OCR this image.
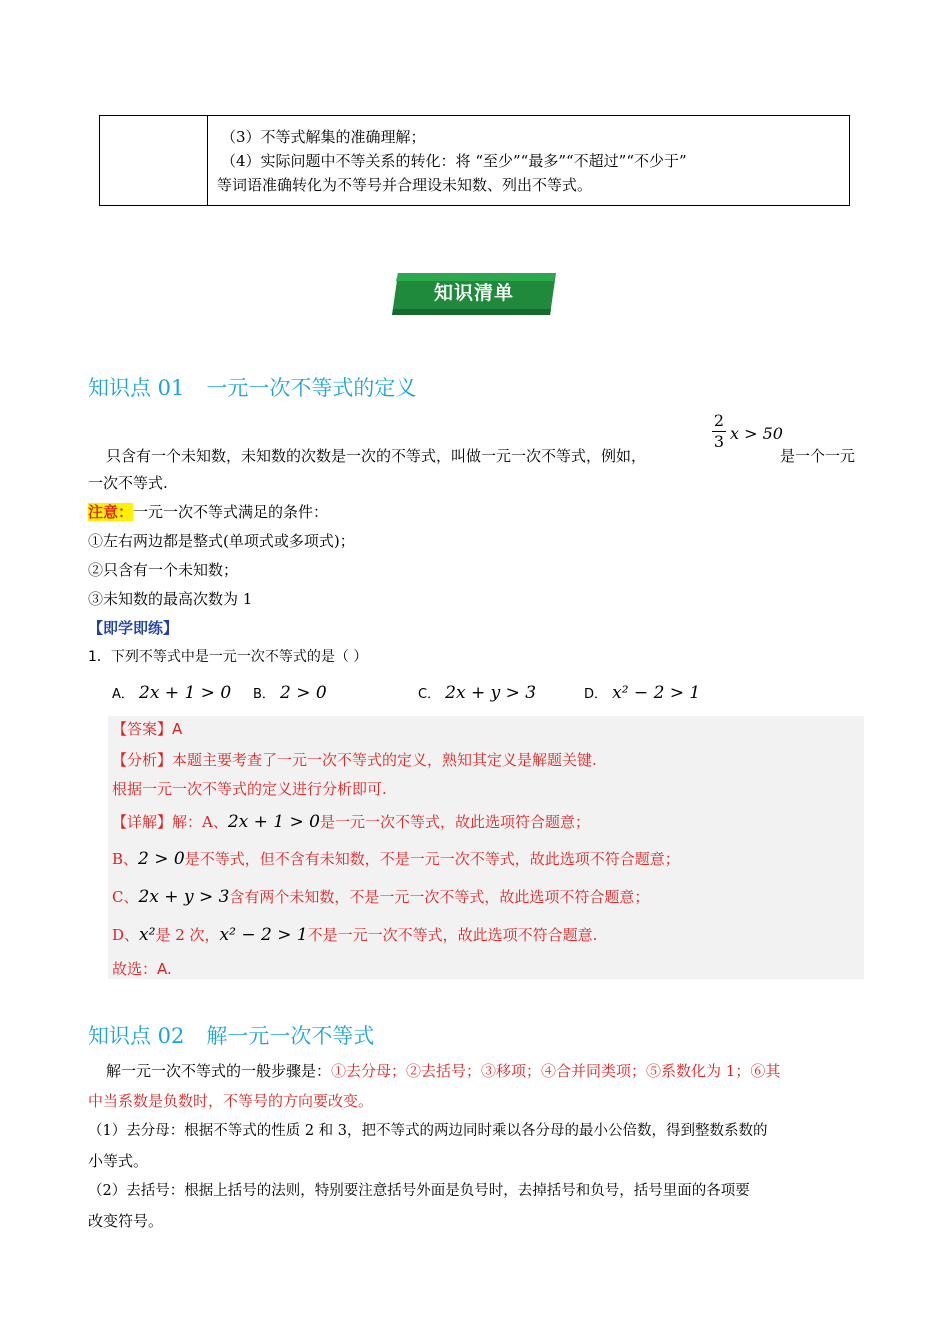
（3）不等式解集的准确理解；
（4）实际问题中不等关系的转化：将 “至少”“最多”“不超过”“不少于”
等词语准确转化为不等号并合理设未知数、列出不等式。
知识清单
知识点 01 一元一次不等式的定义
只含有一个未知数，未知数的次数是一次的不等式，叫做一元一次不等式，例如，
2
3 x > 50
是一个一元
一次不等式.
注意：一元一次不等式满足的条件：
①左右两边都是整式(单项式或多项式)；
②只含有一个未知数；
③未知数的最高次数为 1
【即学即练】
1．下列不等式中是一元一次不等式的是（ ）
A． 2x + 1 > 0 B． 2 > 0	C． 2x + y > 3	D． x² − 2 > 1
【答案】A
【分析】本题主要考查了一元一次不等式的定义，熟知其定义是解题关键.
根据一元一次不等式的定义进行分析即可.
【详解】解：A、2x + 1 > 0是一元一次不等式，故此选项符合题意；
B、2 > 0是不等式，但不含有未知数，不是一元一次不等式，故此选项不符合题意；
C、2x + y > 3含有两个未知数，不是一元一次不等式，故此选项不符合题意；
D、x²是 2 次，x² − 2 > 1不是一元一次不等式，故此选项不符合题意.
故选：A.
知识点 02 解一元一次不等式
解一元一次不等式的一般步骤是：①去分母；②去括号；③移项；④合并同类项；⑤系数化为 1；⑥其
中当系数是负数时，不等号的方向要改变。
（1）去分母：根据不等式的性质 2 和 3，把不等式的两边同时乘以各分母的最小公倍数，得到整数系数的
小等式。
（2）去括号：根据上括号的法则，特别要注意括号外面是负号时，去掉括号和负号，括号里面的各项要
改变符号。
